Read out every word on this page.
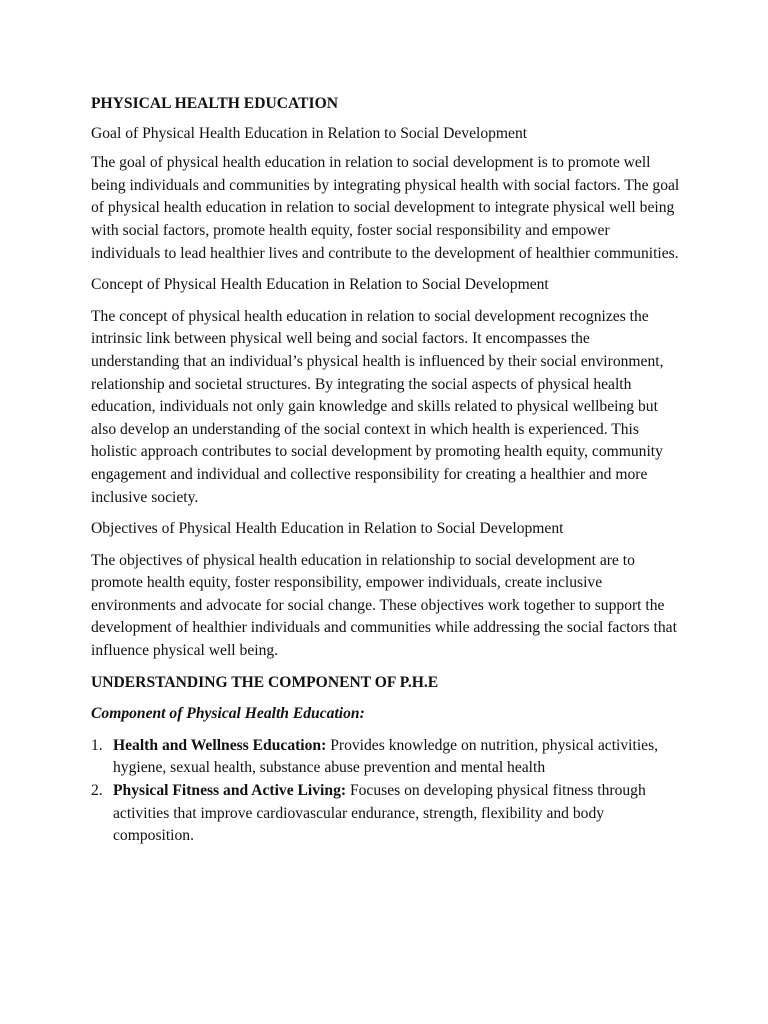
PHYSICAL HEALTH EDUCATION

Goal of Physical Health Education in Relation to Social Development

The goal of physical health education in relation to social development is to promote well being individuals and communities by integrating physical health with social factors. The goal of physical health education in relation to social development to integrate physical well being with social factors, promote health equity, foster social responsibility and empower individuals to lead healthier lives and contribute to the development of healthier communities.

Concept of Physical Health Education in Relation to Social Development

The concept of physical health education in relation to social development recognizes the intrinsic link between physical well being and social factors. It encompasses the understanding that an individual’s physical health is influenced by their social environment, relationship and societal structures. By integrating the social aspects of physical health education, individuals not only gain knowledge and skills related to physical wellbeing but also develop an understanding of the social context in which health is experienced. This holistic approach contributes to social development by promoting health equity, community engagement and individual and collective responsibility for creating a healthier and more inclusive society.

Objectives of Physical Health Education in Relation to Social Development

The objectives of physical health education in relationship to social development are to promote health equity, foster responsibility, empower individuals, create inclusive environments and advocate for social change. These objectives work together to support the development of healthier individuals and communities while addressing the social factors that influence physical well being.

UNDERSTANDING THE COMPONENT OF P.H.E

Component of Physical Health Education:

1. Health and Wellness Education: Provides knowledge on nutrition, physical activities, hygiene, sexual health, substance abuse prevention and mental health
2. Physical Fitness and Active Living: Focuses on developing physical fitness through activities that improve cardiovascular endurance, strength, flexibility and body composition.
